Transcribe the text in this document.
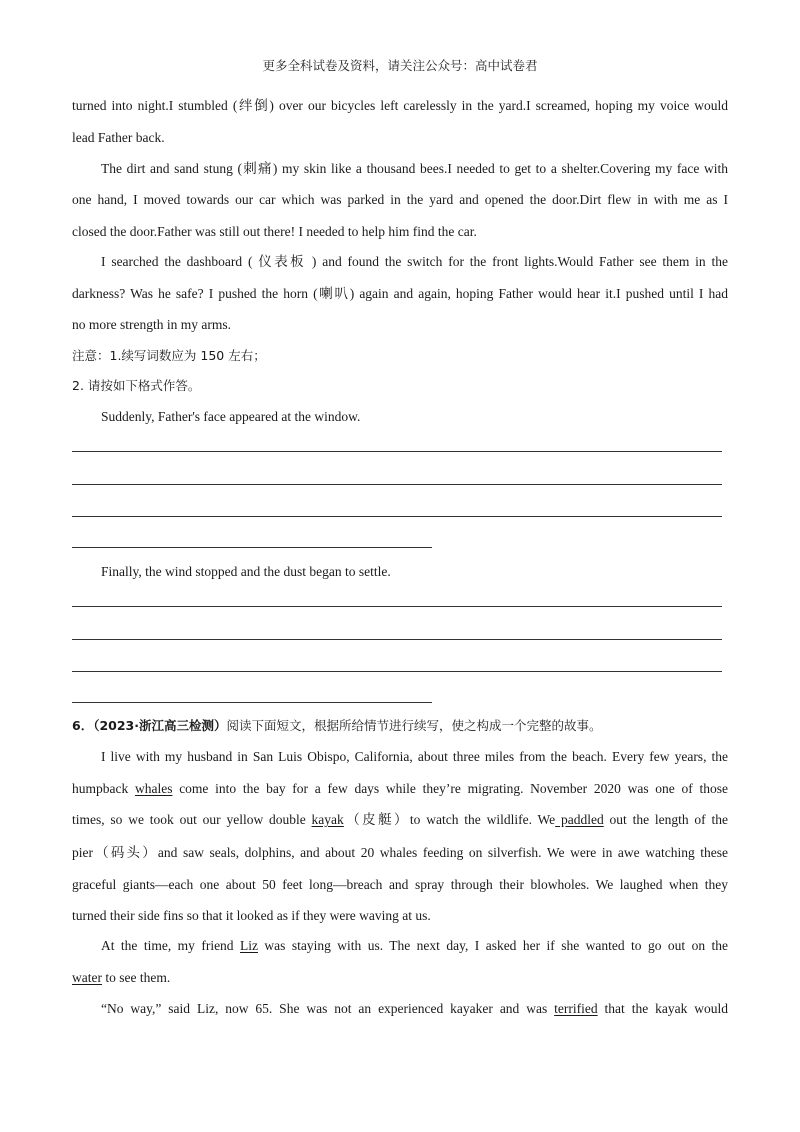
更多全科试卷及资料，请关注公众号：高中试卷君
turned into night.I stumbled (绊倒) over our bicycles left carelessly in the yard.I screamed, hoping my voice would
lead Father back.
The dirt and sand stung (刺痛) my skin like a thousand bees.I needed to get to a shelter.Covering my face with
one hand, I moved towards our car which was parked in the yard and opened the door.Dirt flew in with me as I
closed the door.Father was still out there! I needed to help him find the car.
I searched the dashboard ( 仪表板 ) and found the switch for the front lights.Would Father see them in the
darkness? Was he safe? I pushed the horn (喇叭) again and again, hoping Father would hear it.I pushed until I had
no more strength in my arms.
注意：1.续写词数应为 150 左右；
2. 请按如下格式作答。
Suddenly, Father's face appeared at the window.
Finally, the wind stopped and the dust began to settle.
6．（2023·浙江高三检测）阅读下面短文，根据所给情节进行续写，使之构成一个完整的故事。
I live with my husband in San Luis Obispo, California, about three miles from the beach. Every few years, the
humpback whales come into the bay for a few days while they’re migrating. November 2020 was one of those
times, so we took out our yellow double kayak（皮艇）to watch the wildlife. We paddled out the length of the
pier（码头）and saw seals, dolphins, and about 20 whales feeding on silverfish. We were in awe watching these
graceful giants—each one about 50 feet long—breach and spray through their blowholes. We laughed when they
turned their side fins so that it looked as if they were waving at us.
At the time, my friend Liz was staying with us. The next day, I asked her if she wanted to go out on the
water to see them.
“No way,” said Liz, now 65. She was not an experienced kayaker and was terrified that the kayak would
